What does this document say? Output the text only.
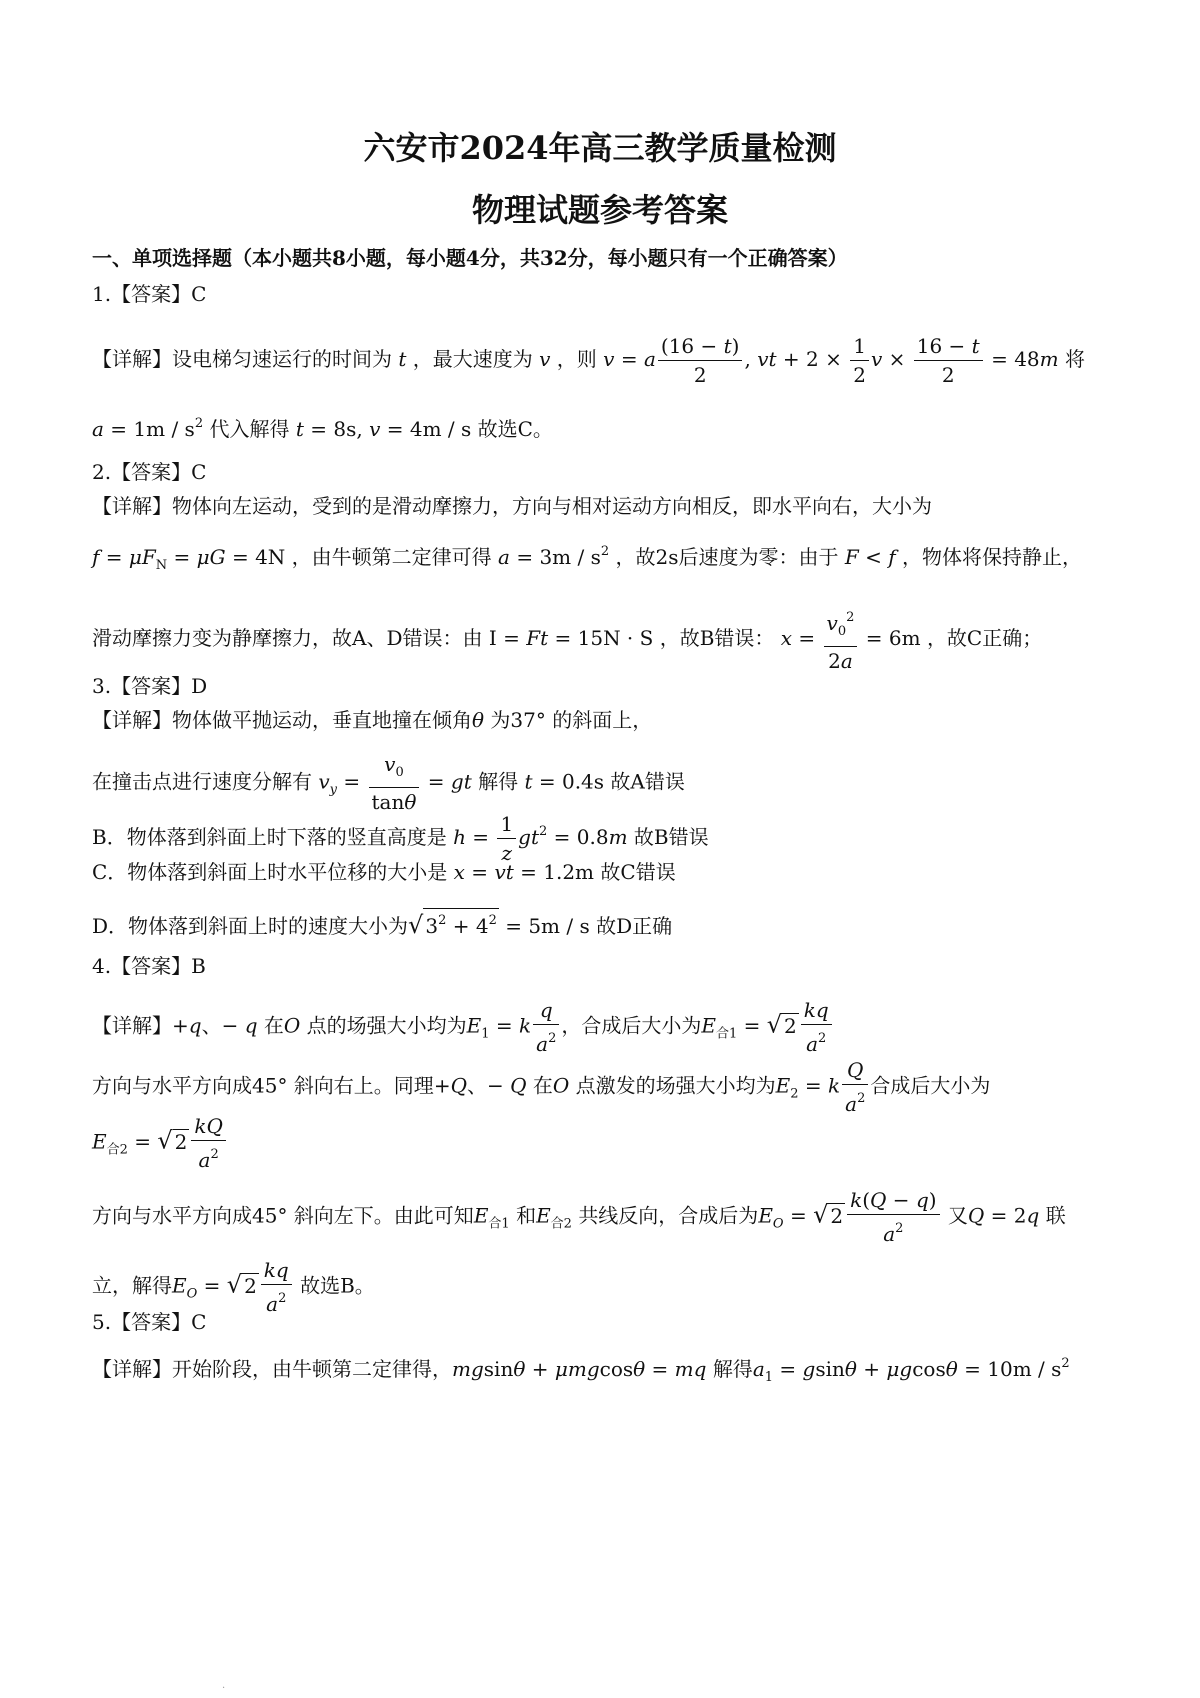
六安市2024年高三教学质量检测
物理试题参考答案
一、单项选择题（本小题共8小题，每小题4分，共32分，每小题只有一个正确答案）
1.【答案】C
【详解】设电梯匀速运行的时间为 t ，最大速度为 v ，则 v = a $\frac{(16 - t)}{2}$ , vt + $2 \times \frac{1}{2}$ $v \times \frac{16 - t}{2} = 48m$ 将
$a = 1m / s^2$ 代入解得 t = 8s, v = 4m / s 故选C。
2.【答案】C
【详解】物体向左运动，受到的是滑动摩擦力，方向与相对运动方向相反，即水平向右，大小为
$f = \mu F_N = \mu G = 4N$ ，由牛顿第二定律可得 $a = 3m / s^2$ ，故2s后速度为零：由于 F < f ，物体将保持静止，
滑动摩擦力变为静摩擦力，故A、D错误：由 I = Ft = 15N · S ，故B错误： $x = \frac{v_0^2}{2a} = 6m$ ，故C正确；
3.【答案】D
【详解】物体做平抛运动，垂直地撞在倾角θ 为37° 的斜面上，
在撞击点进行速度分解有 $v_y = \frac{v_0}{\tan\theta}$ = gt 解得 t = 0.4s 故A错误
B．物体落到斜面上时下落的竖直高度是 $h = \frac{1}{z} gt^2 = 0.8m$ 故B错误
C．物体落到斜面上时水平位移的大小是 x = vt = 1.2m 故C错误
D．物体落到斜面上时的速度大小为√ $3^2 + 4^2 = 5m / s$ 故D正确
4.【答案】B
【详解】+q、− q 在O 点的场强大小均为$E_1 = k \frac{q}{a^2}$ ，合成后大小为$E_{合1}$ = √ $2 \frac{kq}{a^2}$
方向与水平方向成45° 斜向右上。同理+Q、− Q 在O 点激发的场强大小均为$E_2 = k \frac{Q}{a^2}$ 合成后大小为
$E_{合2}$ = √ $2 \frac{kQ}{a^2}$
方向与水平方向成45° 斜向左下。由此可知$E_{合1}$ 和$E_{合2}$ 共线反向，合成后为$E_O$ = √ $2 \frac{k(Q - q)}{a^2}$ 又Q = 2q 联
立，解得$E_O$ = √ $2 \frac{kq}{a^2}$ 故选B。
5.【答案】C
【详解】开始阶段，由牛顿第二定律得，mgsinθ + μmgcosθ = mq 解得$a_1 = gsin\theta + \mu gcos\theta = 10m / s^2$
.
